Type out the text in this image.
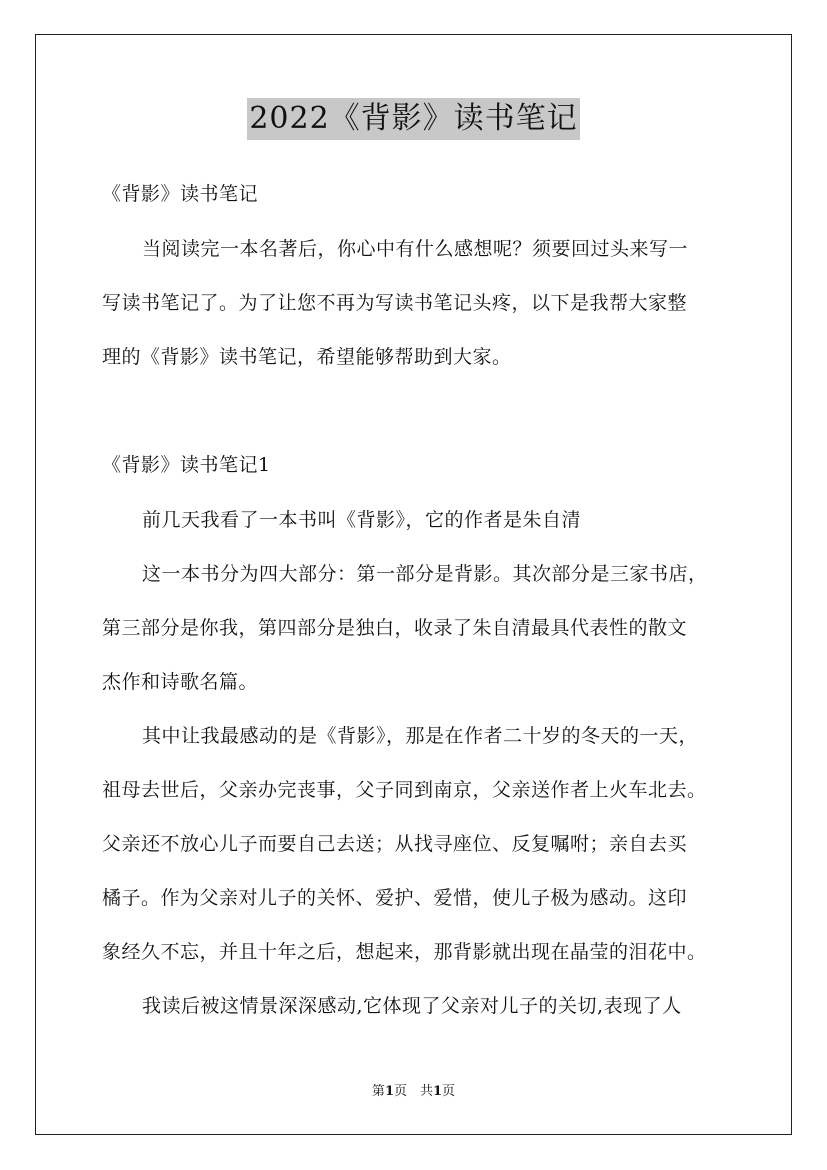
2022《背影》读书笔记
《背影》读书笔记
当阅读完一本名著后，你心中有什么感想呢？须要回过头来写一
写读书笔记了。为了让您不再为写读书笔记头疼，以下是我帮大家整
理的《背影》读书笔记，希望能够帮助到大家。
《背影》读书笔记1
前几天我看了一本书叫《背影》，它的作者是朱自清
这一本书分为四大部分：第一部分是背影。其次部分是三家书店，
第三部分是你我，第四部分是独白，收录了朱自清最具代表性的散文
杰作和诗歌名篇。
其中让我最感动的是《背影》，那是在作者二十岁的冬天的一天，
祖母去世后，父亲办完丧事，父子同到南京，父亲送作者上火车北去。
父亲还不放心儿子而要自己去送；从找寻座位、反复嘱咐；亲自去买
橘子。作为父亲对儿子的关怀、爱护、爱惜，使儿子极为感动。这印
象经久不忘，并且十年之后，想起来，那背影就出现在晶莹的泪花中。
我读后被这情景深深感动,它体现了父亲对儿子的关切,表现了人
第1页　共1页
